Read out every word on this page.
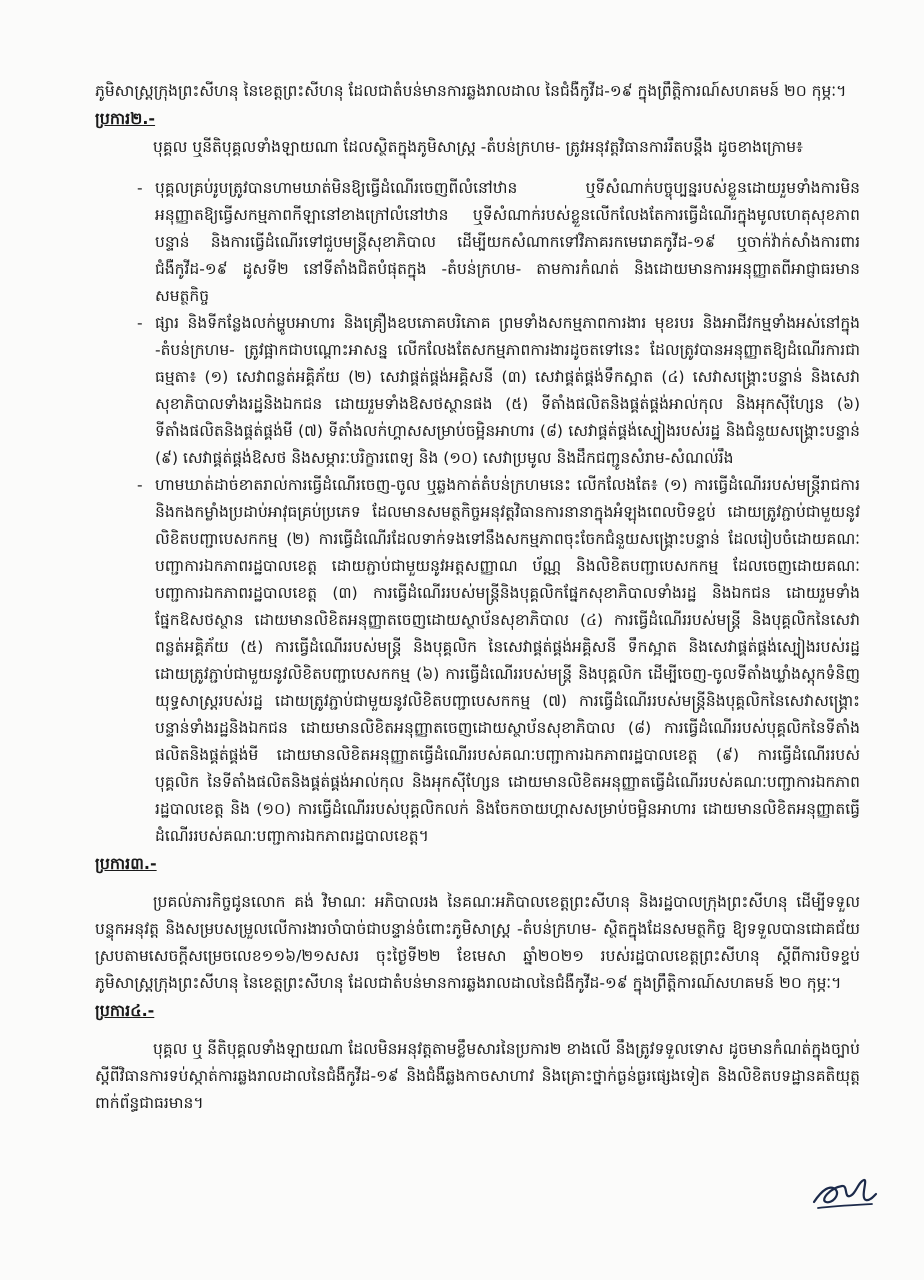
ភូមិសាស្ត្រក្រុងព្រះសីហនុ នៃខេត្តព្រះសីហនុ ដែលជាតំបន់មានការឆ្លងរាលដាល នៃជំងឺកូវីដ-១៩ ក្នុងព្រឹត្តិការណ៍សហគមន៍ ២០ កុម្ភៈ។

ប្រការ២.-

បុគ្គល ឬនីតិបុគ្គលទាំងឡាយណា ដែលស្ថិតក្នុងភូមិសាស្ត្រ -តំបន់ក្រហម- ត្រូវអនុវត្តវិធានការរឹតបន្តឹង ដូចខាងក្រោម៖

- បុគ្គលគ្រប់រូបត្រូវបានហាមឃាត់មិនឱ្យធ្វើដំណើរចេញពីលំនៅឋាន ឬទីសំណាក់បច្ចុប្បន្នរបស់ខ្លួនដោយរួមទាំងការមិនអនុញ្ញាតឱ្យធ្វើសកម្មភាពកីឡានៅខាងក្រៅលំនៅឋាន ឬទីសំណាក់របស់ខ្លួនលើកលែងតែការធ្វើដំណើរក្នុងមូលហេតុសុខភាពបន្ទាន់ និងការធ្វើដំណើរទៅជួបមន្ត្រីសុខាភិបាល ដើម្បីយកសំណាកទៅវិភាគរកមេរោគកូវីដ-១៩ ឬចាក់វ៉ាក់សាំងការពារជំងឺកូវីដ-១៩ ដូសទី២ នៅទីតាំងជិតបំផុតក្នុង -តំបន់ក្រហម- តាមការកំណត់ និងដោយមានការអនុញ្ញាតពីអាជ្ញាធរមានសមត្ថកិច្ច
- ផ្សារ និងទីកន្លែងលក់ម្ហូបអាហារ និងគ្រឿងឧបភោគបរិភោគ ព្រមទាំងសកម្មភាពការងារ មុខរបរ និងអាជីវកម្មទាំងអស់នៅក្នុង -តំបន់ក្រហម- ត្រូវផ្អាកជាបណ្ដោះអាសន្ន លើកលែងតែសកម្មភាពការងារដូចតទៅនេះ ដែលត្រូវបានអនុញ្ញាតឱ្យដំណើរការជាធម្មតា៖ (១) សេវាពន្លត់អគ្គិភ័យ (២) សេវាផ្គត់ផ្គង់អគ្គិសនី (៣) សេវាផ្គត់ផ្គង់ទឹកស្អាត (៤) សេវាសង្គ្រោះបន្ទាន់ និងសេវាសុខាភិបាលទាំងរដ្ឋនិងឯកជន ដោយរួមទាំងឱសថស្ថានផង (៥) ទីតាំងផលិតនិងផ្គត់ផ្គង់អាល់កុល និងអុកស៊ីហ្សែន (៦) ទីតាំងផលិតនិងផ្គត់ផ្គង់មី (៧) ទីតាំងលក់ហ្គាសសម្រាប់ចម្អិនអាហារ (៨) សេវាផ្គត់ផ្គង់ស្បៀងរបស់រដ្ឋ និងជំនួយសង្គ្រោះបន្ទាន់ (៩) សេវាផ្គត់ផ្គង់ឱសថ និងសម្ភារៈបរិក្ខារពេទ្យ និង (១០) សេវាប្រមូល និងដឹកជញ្ជូនសំរាម-សំណល់រឹង
- ហាមឃាត់ដាច់ខាតរាល់ការធ្វើដំណើរចេញ-ចូល ឬឆ្លងកាត់តំបន់ក្រហមនេះ លើកលែងតែ៖ (១) ការធ្វើដំណើររបស់មន្ត្រីរាជការ និងកងកម្លាំងប្រដាប់អាវុធគ្រប់ប្រភេទ ដែលមានសមត្ថកិច្ចអនុវត្តវិធានការនានាក្នុងអំឡុងពេលបិទខ្ទប់ ដោយត្រូវភ្ជាប់ជាមួយនូវលិខិតបញ្ជាបេសកកម្ម (២) ការធ្វើដំណើរដែលទាក់ទងទៅនឹងសកម្មភាពចុះចែកជំនួយសង្គ្រោះបន្ទាន់ ដែលរៀបចំដោយគណៈបញ្ជាការឯកភាពរដ្ឋបាលខេត្ត ដោយភ្ជាប់ជាមួយនូវអត្តសញ្ញាណ ប័ណ្ណ និងលិខិតបញ្ជាបេសកកម្ម ដែលចេញដោយគណៈបញ្ជាការឯកភាពរដ្ឋបាលខេត្ត (៣) ការធ្វើដំណើររបស់មន្ត្រីនិងបុគ្គលិកផ្នែកសុខាភិបាលទាំងរដ្ឋ និងឯកជន ដោយរួមទាំងផ្នែកឱសថស្ថាន ដោយមានលិខិតអនុញ្ញាតចេញដោយស្ថាប័នសុខាភិបាល (៤) ការធ្វើដំណើររបស់មន្ត្រី និងបុគ្គលិកនៃសេវាពន្លត់អគ្គិភ័យ (៥) ការធ្វើដំណើររបស់មន្ត្រី និងបុគ្គលិក នៃសេវាផ្គត់ផ្គង់អគ្គិសនី ទឹកស្អាត និងសេវាផ្គត់ផ្គង់ស្បៀងរបស់រដ្ឋ ដោយត្រូវភ្ជាប់ជាមួយនូវលិខិតបញ្ជាបេសកកម្ម (៦) ការធ្វើដំណើររបស់មន្ត្រី និងបុគ្គលិក ដើម្បីចេញ-ចូលទីតាំងឃ្លាំងស្តុកទំនិញយុទ្ធសាស្ត្ររបស់រដ្ឋ ដោយត្រូវភ្ជាប់ជាមួយនូវលិខិតបញ្ជាបេសកកម្ម (៧) ការធ្វើដំណើររបស់មន្ត្រីនិងបុគ្គលិកនៃសេវាសង្គ្រោះបន្ទាន់ទាំងរដ្ឋនិងឯកជន ដោយមានលិខិតអនុញ្ញាតចេញដោយស្ថាប័នសុខាភិបាល (៨) ការធ្វើដំណើររបស់បុគ្គលិកនៃទីតាំងផលិតនិងផ្គត់ផ្គង់មី ដោយមានលិខិតអនុញ្ញាតធ្វើដំណើររបស់គណៈបញ្ជាការឯកភាពរដ្ឋបាលខេត្ត (៩) ការធ្វើដំណើររបស់បុគ្គលិក នៃទីតាំងផលិតនិងផ្គត់ផ្គង់អាល់កុល និងអុកស៊ីហ្សែន ដោយមានលិខិតអនុញ្ញាតធ្វើដំណើររបស់គណៈបញ្ជាការឯកភាពរដ្ឋបាលខេត្ត និង (១០) ការធ្វើដំណើររបស់បុគ្គលិកលក់ និងចែកចាយហ្គាសសម្រាប់ចម្អិនអាហារ ដោយមានលិខិតអនុញ្ញាតធ្វើដំណើររបស់គណៈបញ្ជាការឯកភាពរដ្ឋបាលខេត្ត។
ប្រការ៣.-

ប្រគល់ភារកិច្ចជូនលោក គង់ វិមាណៈ អភិបាលរង នៃគណៈអភិបាលខេត្តព្រះសីហនុ និងរដ្ឋបាលក្រុងព្រះសីហនុ ដើម្បីទទួលបន្ទុកអនុវត្ត និងសម្របសម្រួលលើការងារចាំបាច់ជាបន្ទាន់ចំពោះភូមិសាស្ត្រ -តំបន់ក្រហម- ស្ថិតក្នុងដែនសមត្ថកិច្ច ឱ្យទទួលបានជោគជ័យស្របតាមសេចក្តីសម្រេចលេខ១១៦/២១សសរ ចុះថ្ងៃទី២២ ខែមេសា ឆ្នាំ២០២១ របស់រដ្ឋបាលខេត្តព្រះសីហនុ ស្ដីពីការបិទខ្ទប់ភូមិសាស្ត្រក្រុងព្រះសីហនុ នៃខេត្តព្រះសីហនុ ដែលជាតំបន់មានការឆ្លងរាលដាលនៃជំងឺកូវីដ-១៩ ក្នុងព្រឹត្តិការណ៍សហគមន៍ ២០ កុម្ភៈ។

ប្រការ៤.-

បុគ្គល ឬ នីតិបុគ្គលទាំងឡាយណា ដែលមិនអនុវត្តតាមខ្លឹមសារនៃប្រការ២ ខាងលើ នឹងត្រូវទទួលទោស ដូចមានកំណត់ក្នុងច្បាប់ស្តីពីវិធានការទប់ស្កាត់ការឆ្លងរាលដាលនៃជំងឺកូវីដ-១៩ និងជំងឺឆ្លងកាចសាហាវ និងគ្រោះថ្នាក់ធ្ងន់ធ្ងរផ្សេងទៀត និងលិខិតបទដ្ឋានគតិយុត្តពាក់ព័ន្ធជាធរមាន។
